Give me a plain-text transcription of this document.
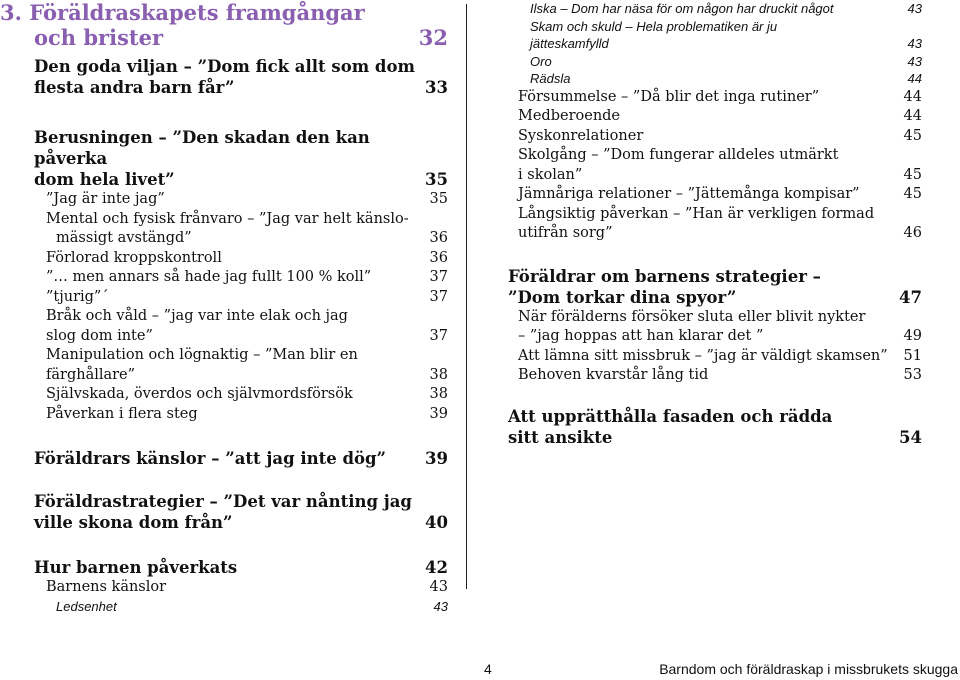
3. Föräldraskapets framgångar
och brister	32
Den goda viljan – ”Dom fick allt som dom
flesta andra barn får”	33
Berusningen – ”Den skadan den kan påverka
dom hela livet”	35
”Jag är inte jag”	35
Mental och fysisk frånvaro – ”Jag var helt känslo-
mässigt avstängd”	36
Förlorad kroppskontroll	36
”… men annars så hade jag fullt 100 % koll”	37
”tjurig”´	37
Bråk och våld – ”jag var inte elak och jag
slog dom inte”	37
Manipulation och lögnaktig – ”Man blir en
färghållare”	38
Självskada, överdos och självmordsförsök	38
Påverkan i flera steg	39
Föräldrars känslor – ”att jag inte dög”	39
Föräldrastrategier – ”Det var nånting jag
ville skona dom från”	40
Hur barnen påverkats	42
Barnens känslor	43
Ledsenhet	43
Ilska – Dom har näsa för om någon har druckit något	43
Skam och skuld – Hela problematiken är ju
jätteskamfylld	43
Oro	43
Rädsla	44
Försummelse – ”Då blir det inga rutiner”	44
Medberoende	44
Syskonrelationer	45
Skolgång – ”Dom fungerar alldeles utmärkt
i skolan”	45
Jämnåriga relationer – ”Jättemånga kompisar”	45
Långsiktig påverkan – ”Han är verkligen formad
utifrån sorg”	46
Föräldrar om barnens strategier –
”Dom torkar dina spyor”	47
När förälderns försöker sluta eller blivit nykter
– ”jag hoppas att han klarar det ”	49
Att lämna sitt missbruk – ”jag är väldigt skamsen”	51
Behoven kvarstår lång tid	53
Att upprätthålla fasaden och rädda
sitt ansikte	54
4	Barndom och föräldraskap i missbrukets skugga
